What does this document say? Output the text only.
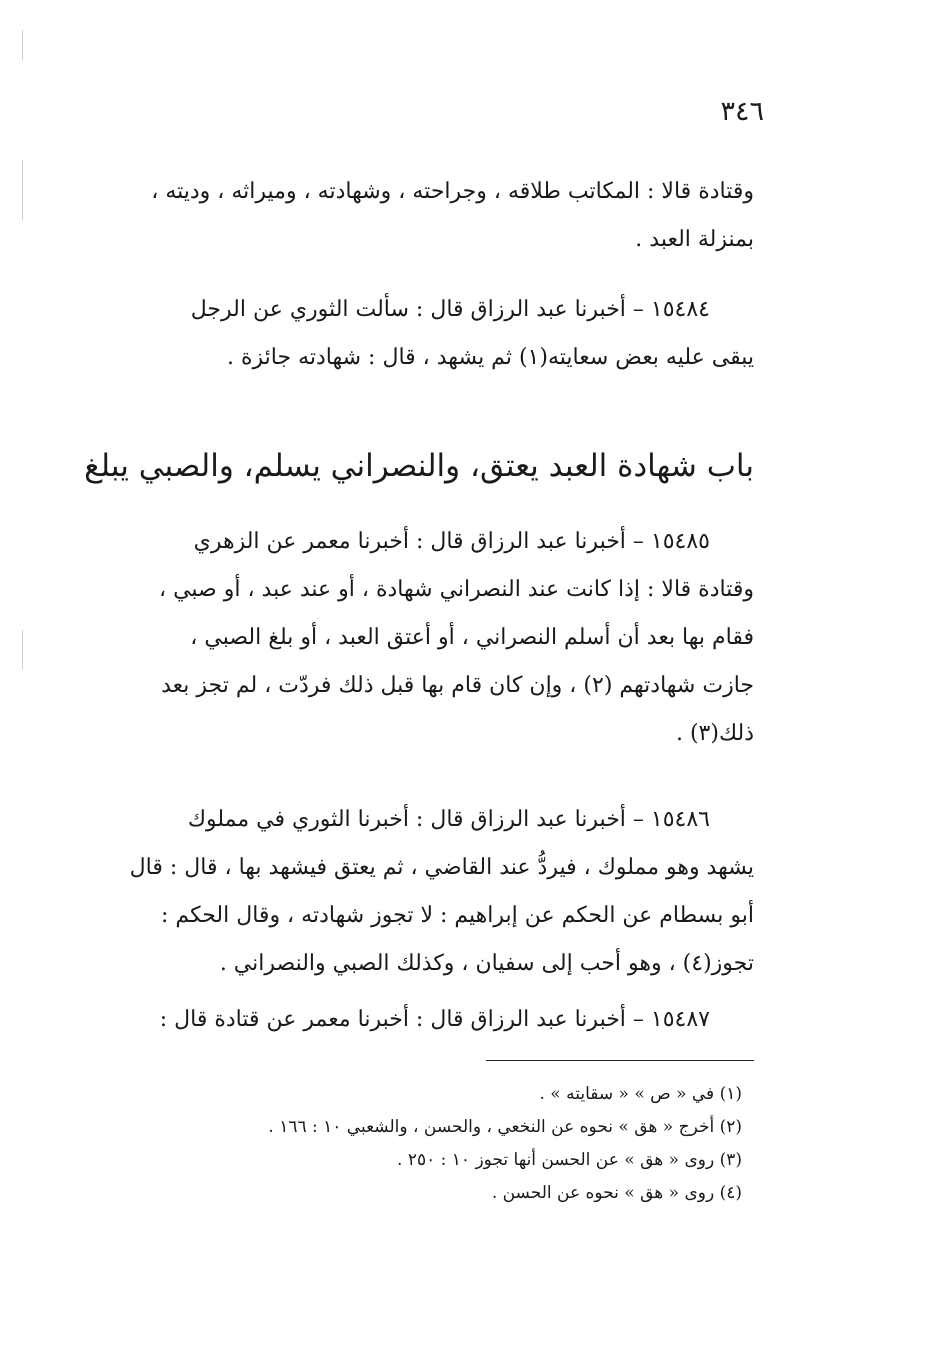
٣٤٦
وقتادة قالا : المكاتب طلاقه ، وجراحته ، وشهادته ، وميراثه ، وديته ،
بمنزلة العبد .
١٥٤٨٤ – أخبرنا عبد الرزاق قال : سألت الثوري عن الرجل
يبقى عليه بعض سعايته(١) ثم يشهد ، قال : شهادته جائزة .
باب شهادة العبد يعتق، والنصراني يسلم، والصبي يبلغ
١٥٤٨٥ – أخبرنا عبد الرزاق قال : أخبرنا معمر عن الزهري
وقتادة قالا : إذا كانت عند النصراني شهادة ، أو عند عبد ، أو صبي ،
فقام بها بعد أن أسلم النصراني ، أو أعتق العبد ، أو بلغ الصبي ،
جازت شهادتهم (٢) ، وإن كان قام بها قبل ذلك فردّت ، لم تجز بعد
ذلك(٣) .
١٥٤٨٦ – أخبرنا عبد الرزاق قال : أخبرنا الثوري في مملوك
يشهد وهو مملوك ، فيردُّ عند القاضي ، ثم يعتق فيشهد بها ، قال : قال
أبو بسطام عن الحكم عن إبراهيم : لا تجوز شهادته ، وقال الحكم :
تجوز(٤) ، وهو أحب إلى سفيان ، وكذلك الصبي والنصراني .
١٥٤٨٧ – أخبرنا عبد الرزاق قال : أخبرنا معمر عن قتادة قال :
(١) في « ص » « سقايته » .
(٢) أخرج « هق » نحوه عن النخعي ، والحسن ، والشعبي ١٠ : ١٦٦ .
(٣) روى « هق » عن الحسن أنها تجوز ١٠ : ٢٥٠ .
(٤) روى « هق » نحوه عن الحسن .
